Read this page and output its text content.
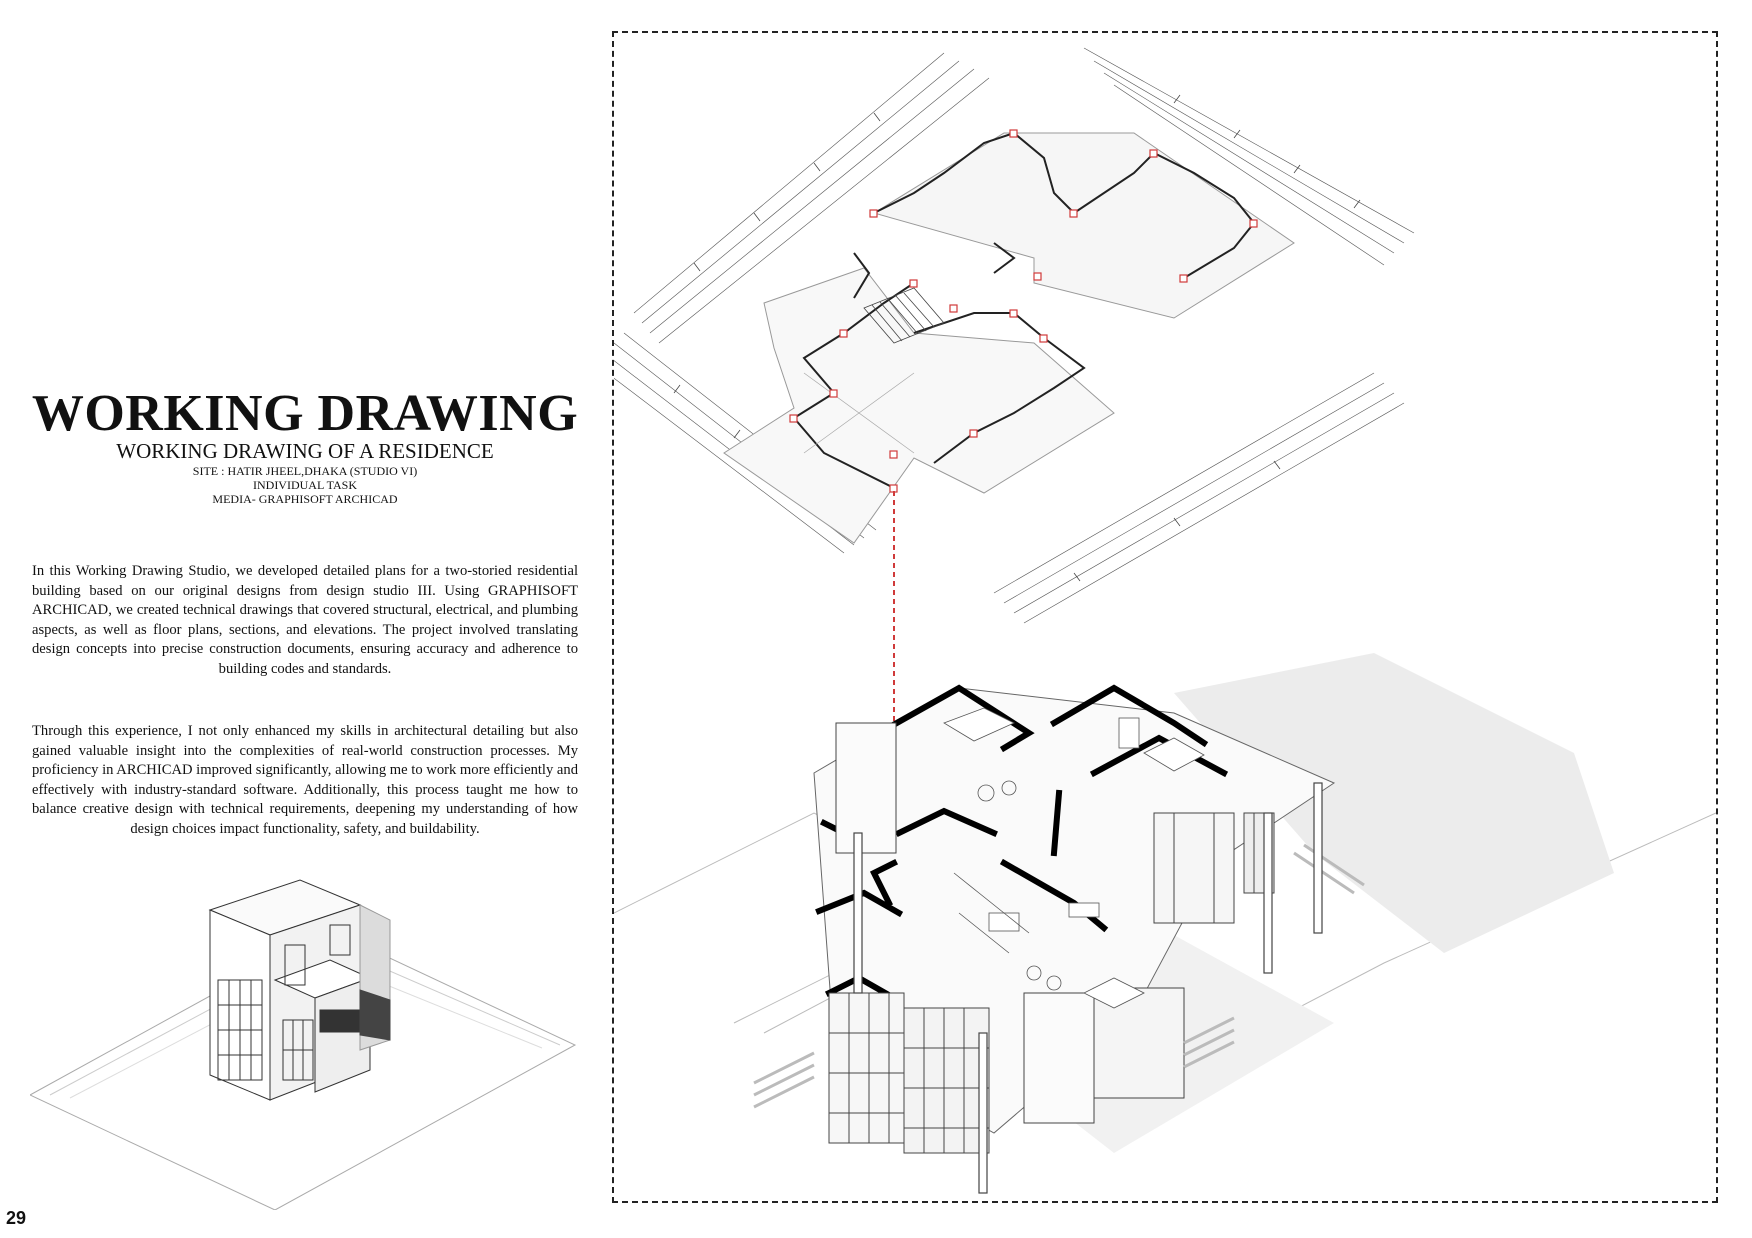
WORKING DRAWING
WORKING DRAWING OF A RESIDENCE
SITE : HATIR JHEEL,DHAKA (STUDIO VI)
INDIVIDUAL TASK
MEDIA- GRAPHISOFT ARCHICAD
In this Working Drawing Studio, we developed detailed plans for a two-storied residential building based on our original designs from design studio III. Using GRAPHISOFT ARCHICAD, we created technical drawings that covered structural, electrical, and plumbing aspects, as well as floor plans, sections, and elevations. The project involved translating design concepts into precise construction documents, ensuring accuracy and adherence to building codes and standards.
Through this experience, I not only enhanced my skills in architectural detailing but also gained valuable insight into the complexities of real-world construction processes. My proficiency in ARCHICAD improved significantly, allowing me to work more efficiently and effectively with industry-standard software. Additionally, this process taught me how to balance creative design with technical requirements, deepening my understanding of how design choices impact functionality, safety, and buildability.
29
